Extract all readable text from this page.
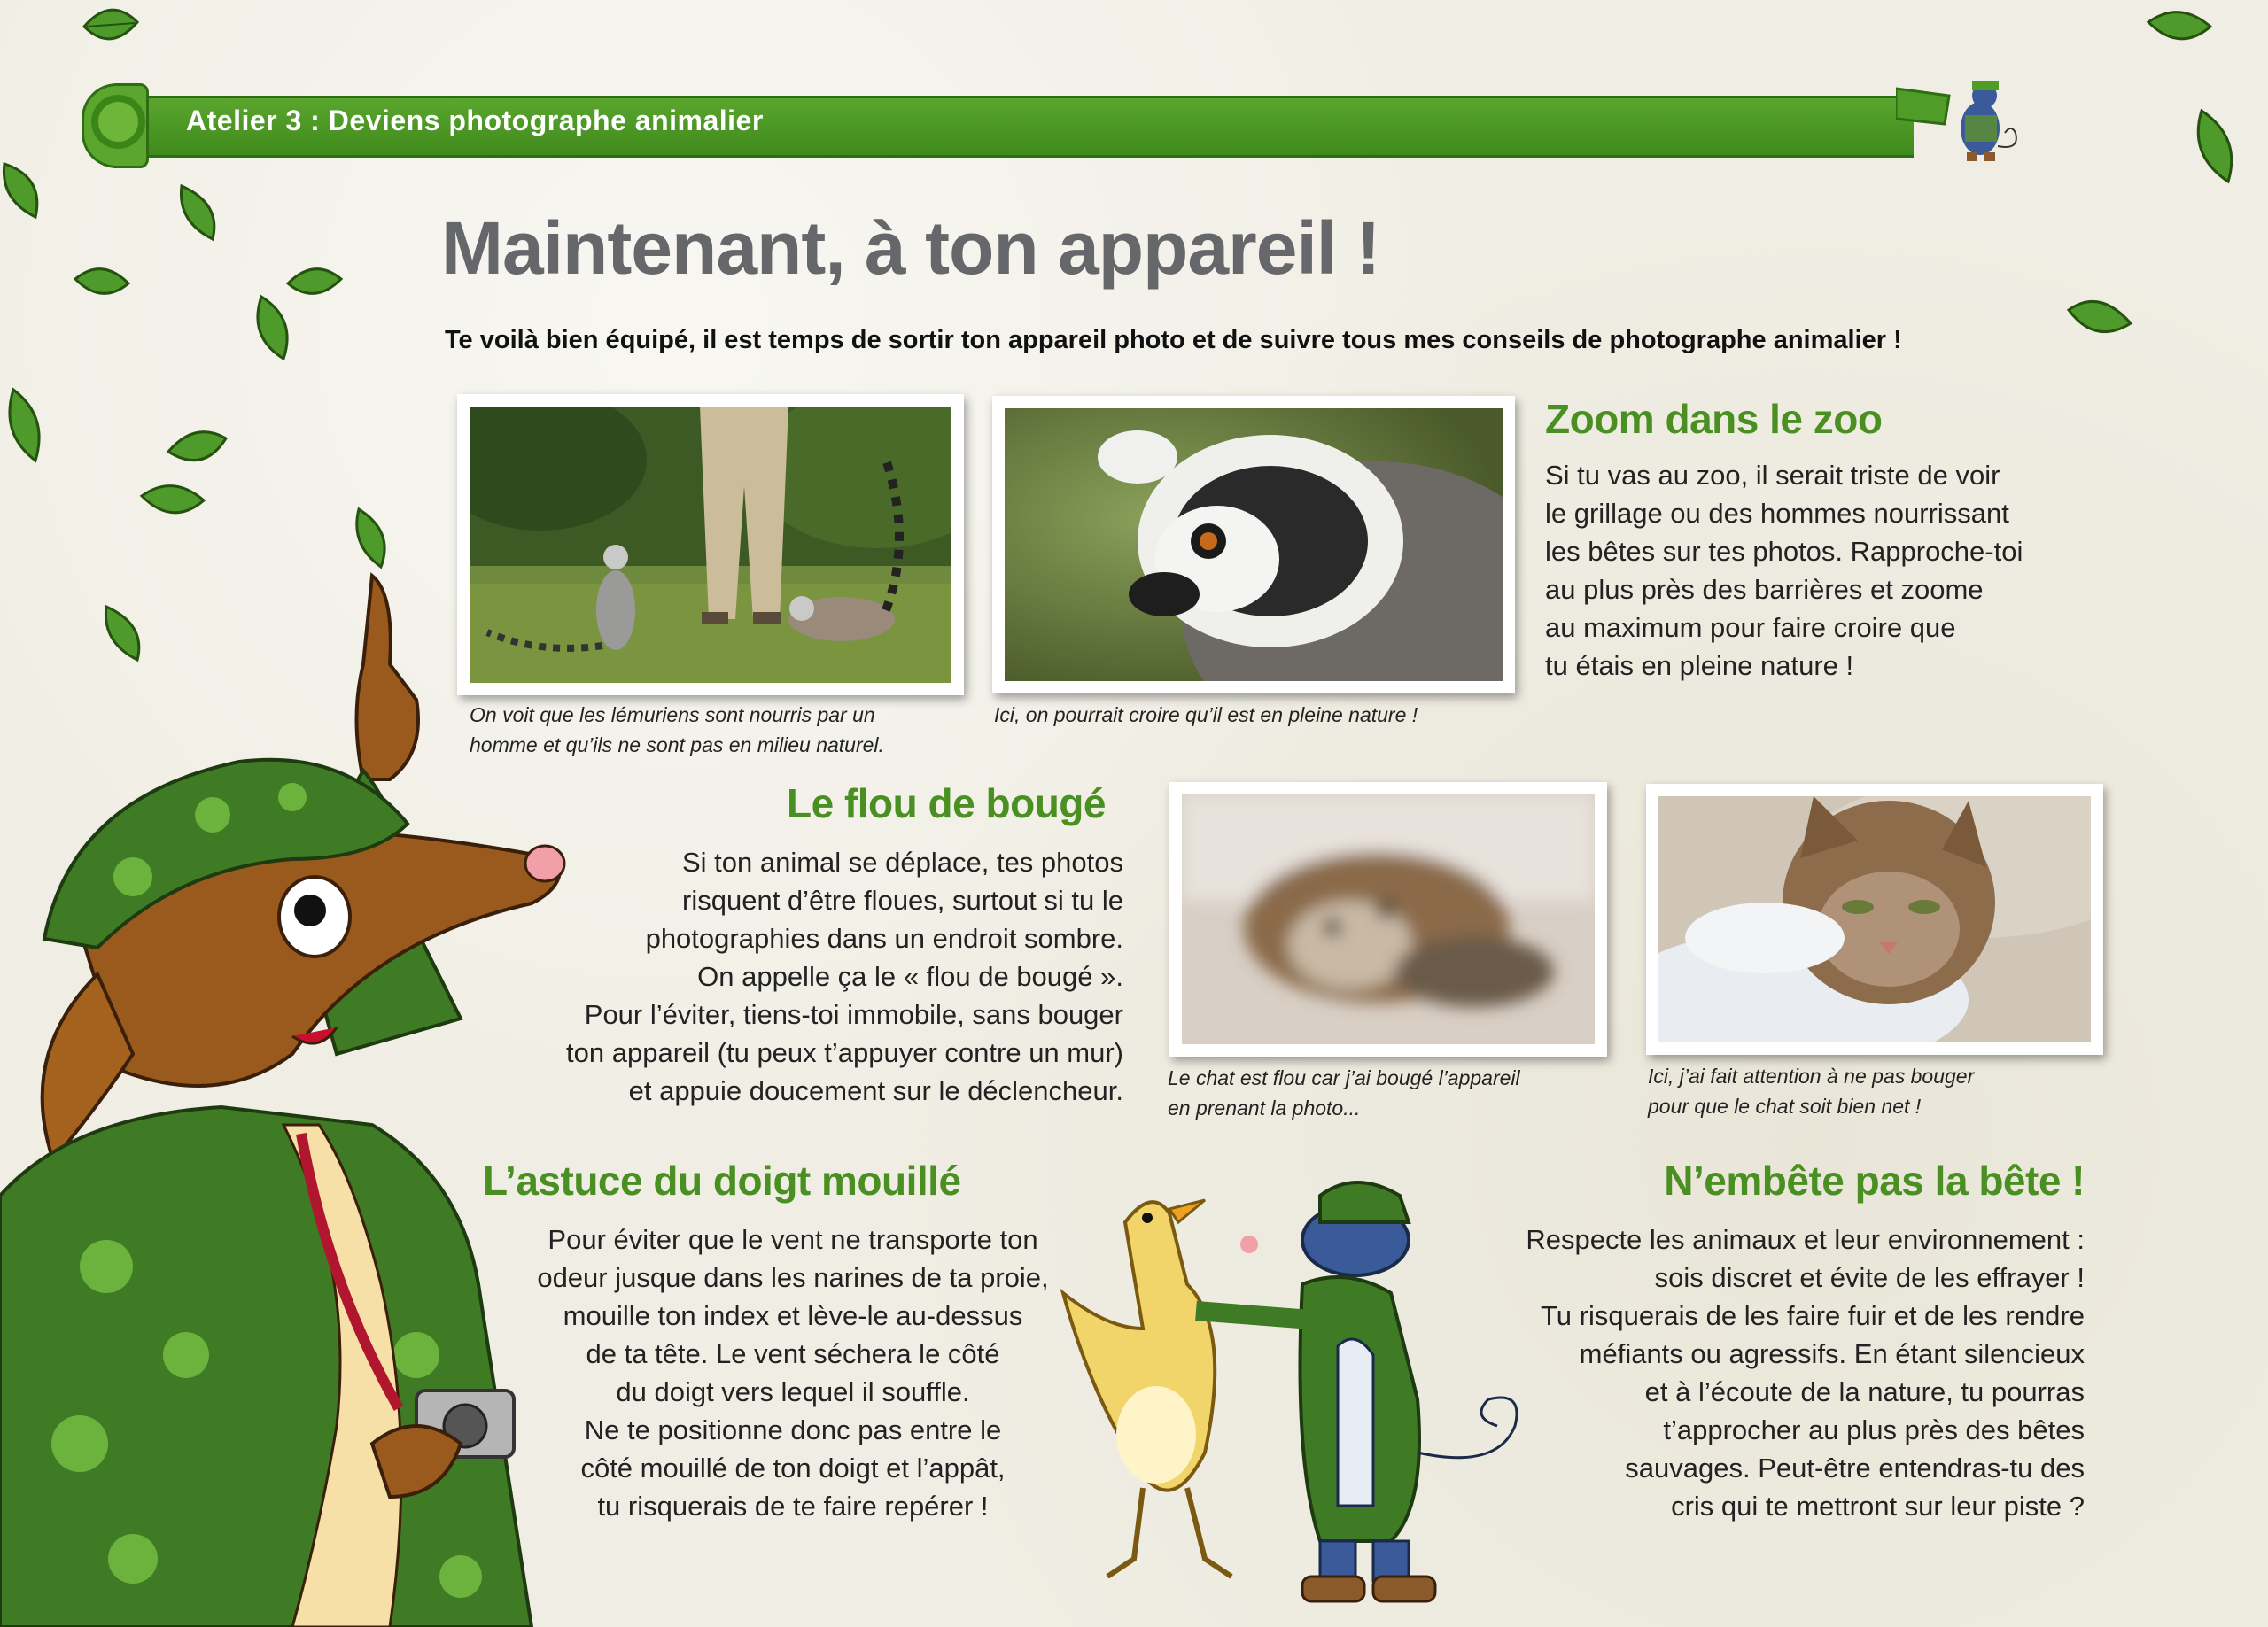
Atelier 3 : Deviens photographe animalier
Maintenant, à ton appareil !
Te voilà bien équipé, il est temps de sortir ton appareil photo et de suivre tous mes conseils de photographe animalier !
On voit que les lémuriens sont nourris par un
homme et qu’ils ne sont pas en milieu naturel.
Ici, on pourrait croire qu’il est en pleine nature !
Zoom dans le zoo
Si tu vas au zoo, il serait triste de voir
le grillage ou des hommes nourrissant
les bêtes sur tes photos. Rapproche-toi
au plus près des barrières et zoome
au maximum pour faire croire que
tu étais en pleine nature !
Le flou de bougé
Si ton animal se déplace, tes photos
risquent d’être floues, surtout si tu le
photographies dans un endroit sombre.
On appelle ça le « flou de bougé ».
Pour l’éviter, tiens-toi immobile, sans bouger
ton appareil (tu peux t’appuyer contre un mur)
et appuie doucement sur le déclencheur. Le chat est flou car j’ai bougé l’appareil
en prenant la photo...
Ici, j’ai fait attention à ne pas bouger
pour que le chat soit bien net !
L’astuce du doigt mouillé
Pour éviter que le vent ne transporte ton
odeur jusque dans les narines de ta proie,
mouille ton index et lève-le au-dessus
de ta tête. Le vent séchera le côté
du doigt vers lequel il souffle.
Ne te positionne donc pas entre le
côté mouillé de ton doigt et l’appât,
tu risquerais de te faire repérer !
N’embête pas la bête !
Respecte les animaux et leur environnement :
sois discret et évite de les effrayer !
Tu risquerais de les faire fuir et de les rendre
méfiants ou agressifs. En étant silencieux
et à l’écoute de la nature, tu pourras
t’approcher au plus près des bêtes
sauvages. Peut-être entendras-tu des
cris qui te mettront sur leur piste ?
